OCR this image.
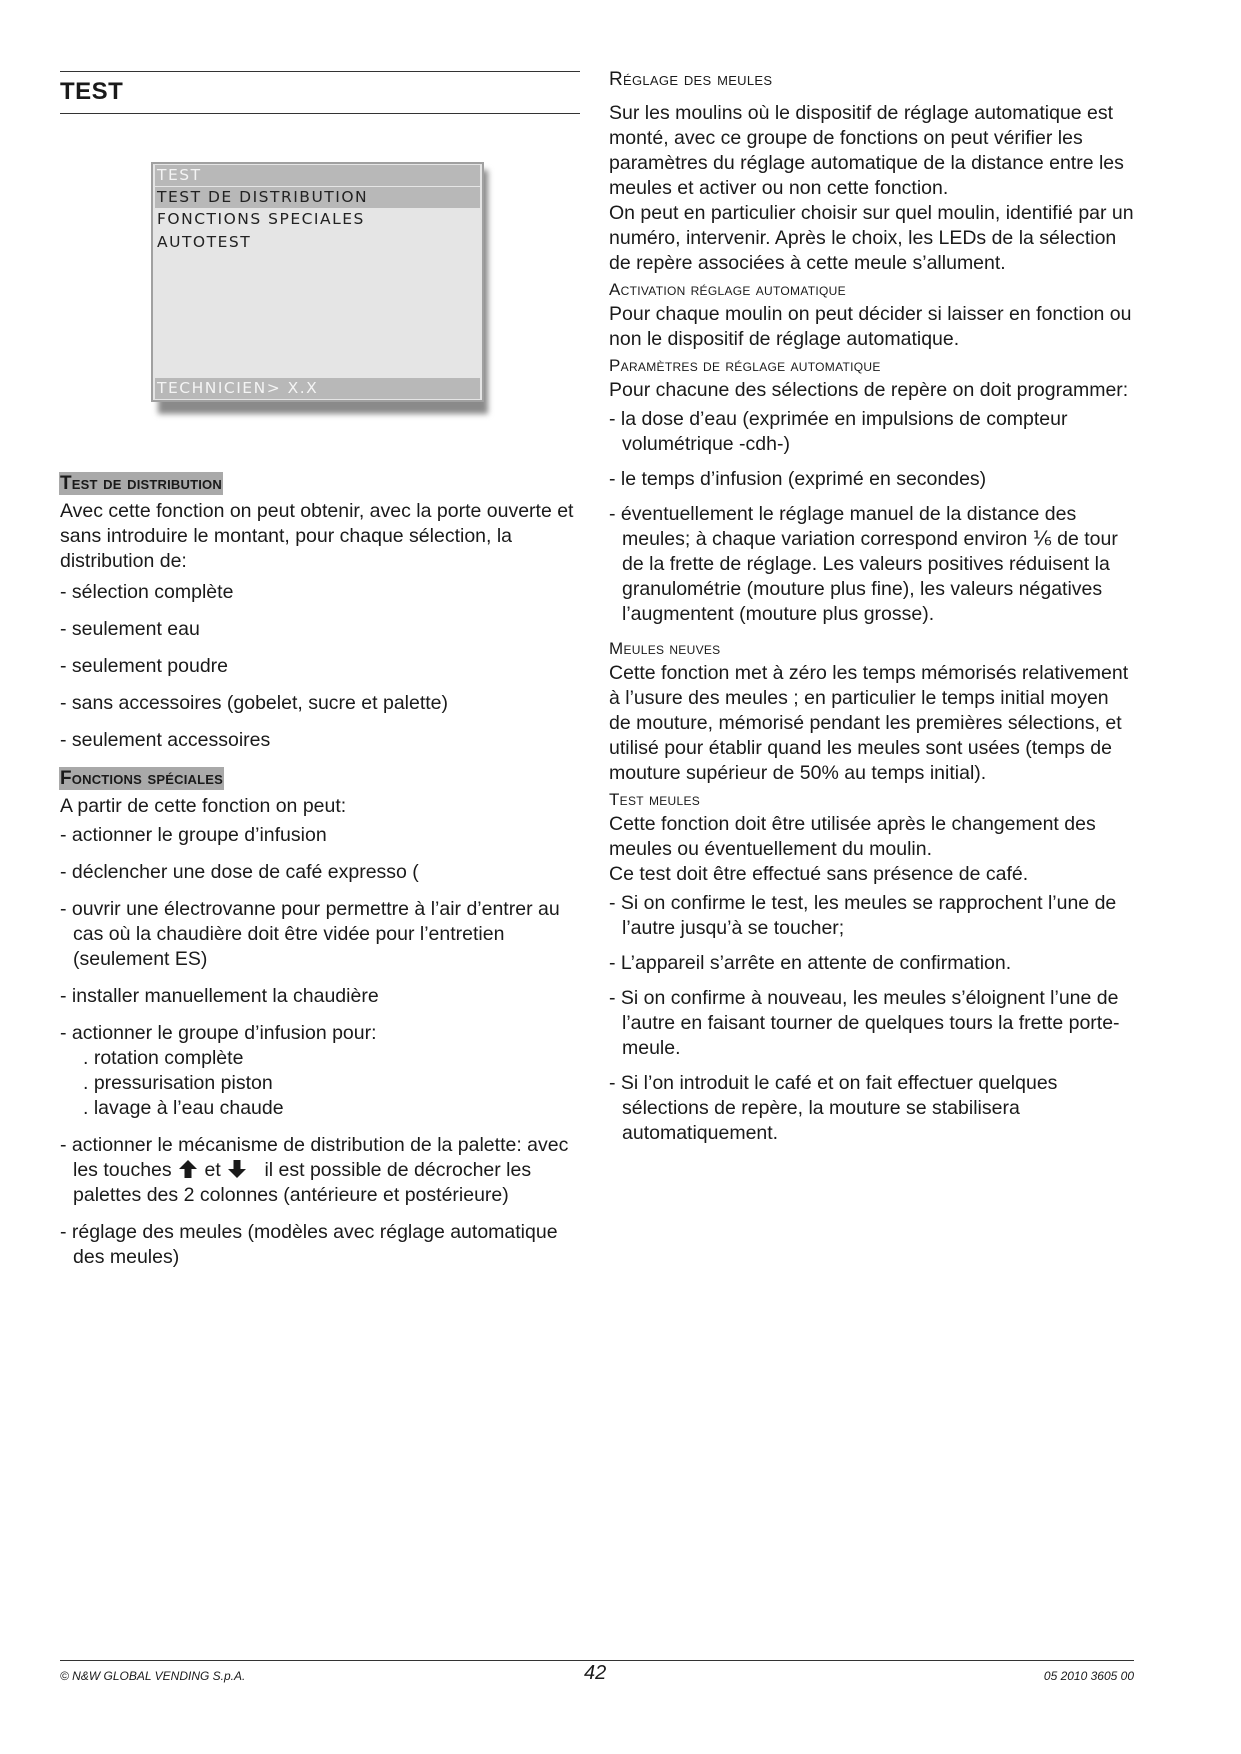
TEST
TEST
TEST DE DISTRIBUTION
FONCTIONS SPECIALES
AUTOTEST
TECHNICIEN> X.X
Test de distribution

Avec cette fonction on peut obtenir, avec la porte ouverte et sans introduire le montant, pour chaque sélection, la distribution de:

- sélection complète
- seulement eau
- seulement poudre
- sans accessoires (gobelet, sucre et palette)
- seulement accessoires
Fonctions spéciales

A partir de cette fonction on peut:

- actionner le groupe d’infusion
- déclencher une dose de café expresso (
- ouvrir une électrovanne pour permettre à l’air d’entrer au cas où la chaudière doit être vidée pour l’entretien (seulement ES)
- installer manuellement la chaudière
- actionner le groupe d’infusion pour:
. rotation complète
. pressurisation piston
. lavage à l’eau chaude
- actionner le mécanisme de distribution de la palette: avec les touches et il est possible de décrocher les palettes des 2 colonnes (antérieure et postérieure)
- réglage des meules (modèles avec réglage automatique des meules)
Réglage des meules

Sur les moulins où le dispositif de réglage automatique est monté, avec ce groupe de fonctions on peut vérifier les paramètres du réglage automatique de la distance entre les meules et activer ou non cette fonction.

On peut en particulier choisir sur quel moulin, identifié par un numéro, intervenir. Après le choix, les LEDs de la sélection de repère associées à cette meule s’allument.

Activation réglage automatique

Pour chaque moulin on peut décider si laisser en fonction ou non le dispositif de réglage automatique.

Paramètres de réglage automatique

Pour chacune des sélections de repère on doit programmer:

- la dose d’eau (exprimée en impulsions de compteur volumétrique -cdh-)
- le temps d’infusion (exprimé en secondes)
- éventuellement le réglage manuel de la distance des meules; à chaque variation correspond environ ⅙ de tour de la frette de réglage. Les valeurs positives réduisent la granulométrie (mouture plus fine), les valeurs négatives l’augmentent (mouture plus grosse).
Meules neuves

Cette fonction met à zéro les temps mémorisés relativement à l’usure des meules ; en particulier le temps initial moyen de mouture, mémorisé pendant les premières sélections, et utilisé pour établir quand les meules sont usées (temps de mouture supérieur de 50% au temps initial).

Test meules

Cette fonction doit être utilisée après le changement des meules ou éventuellement du moulin.

Ce test doit être effectué sans présence de café.

- Si on confirme le test, les meules se rapprochent l’une de l’autre jusqu’à se toucher;
- L’appareil s’arrête en attente de confirmation.
- Si on confirme à nouveau, les meules s’éloignent l’une de l’autre en faisant tourner de quelques tours la frette porte-meule.
- Si l’on introduit le café et on fait effectuer quelques sélections de repère, la mouture se stabilisera automatiquement.
© N&W GLOBAL VENDING S.p.A.	42	05 2010 3605 00
